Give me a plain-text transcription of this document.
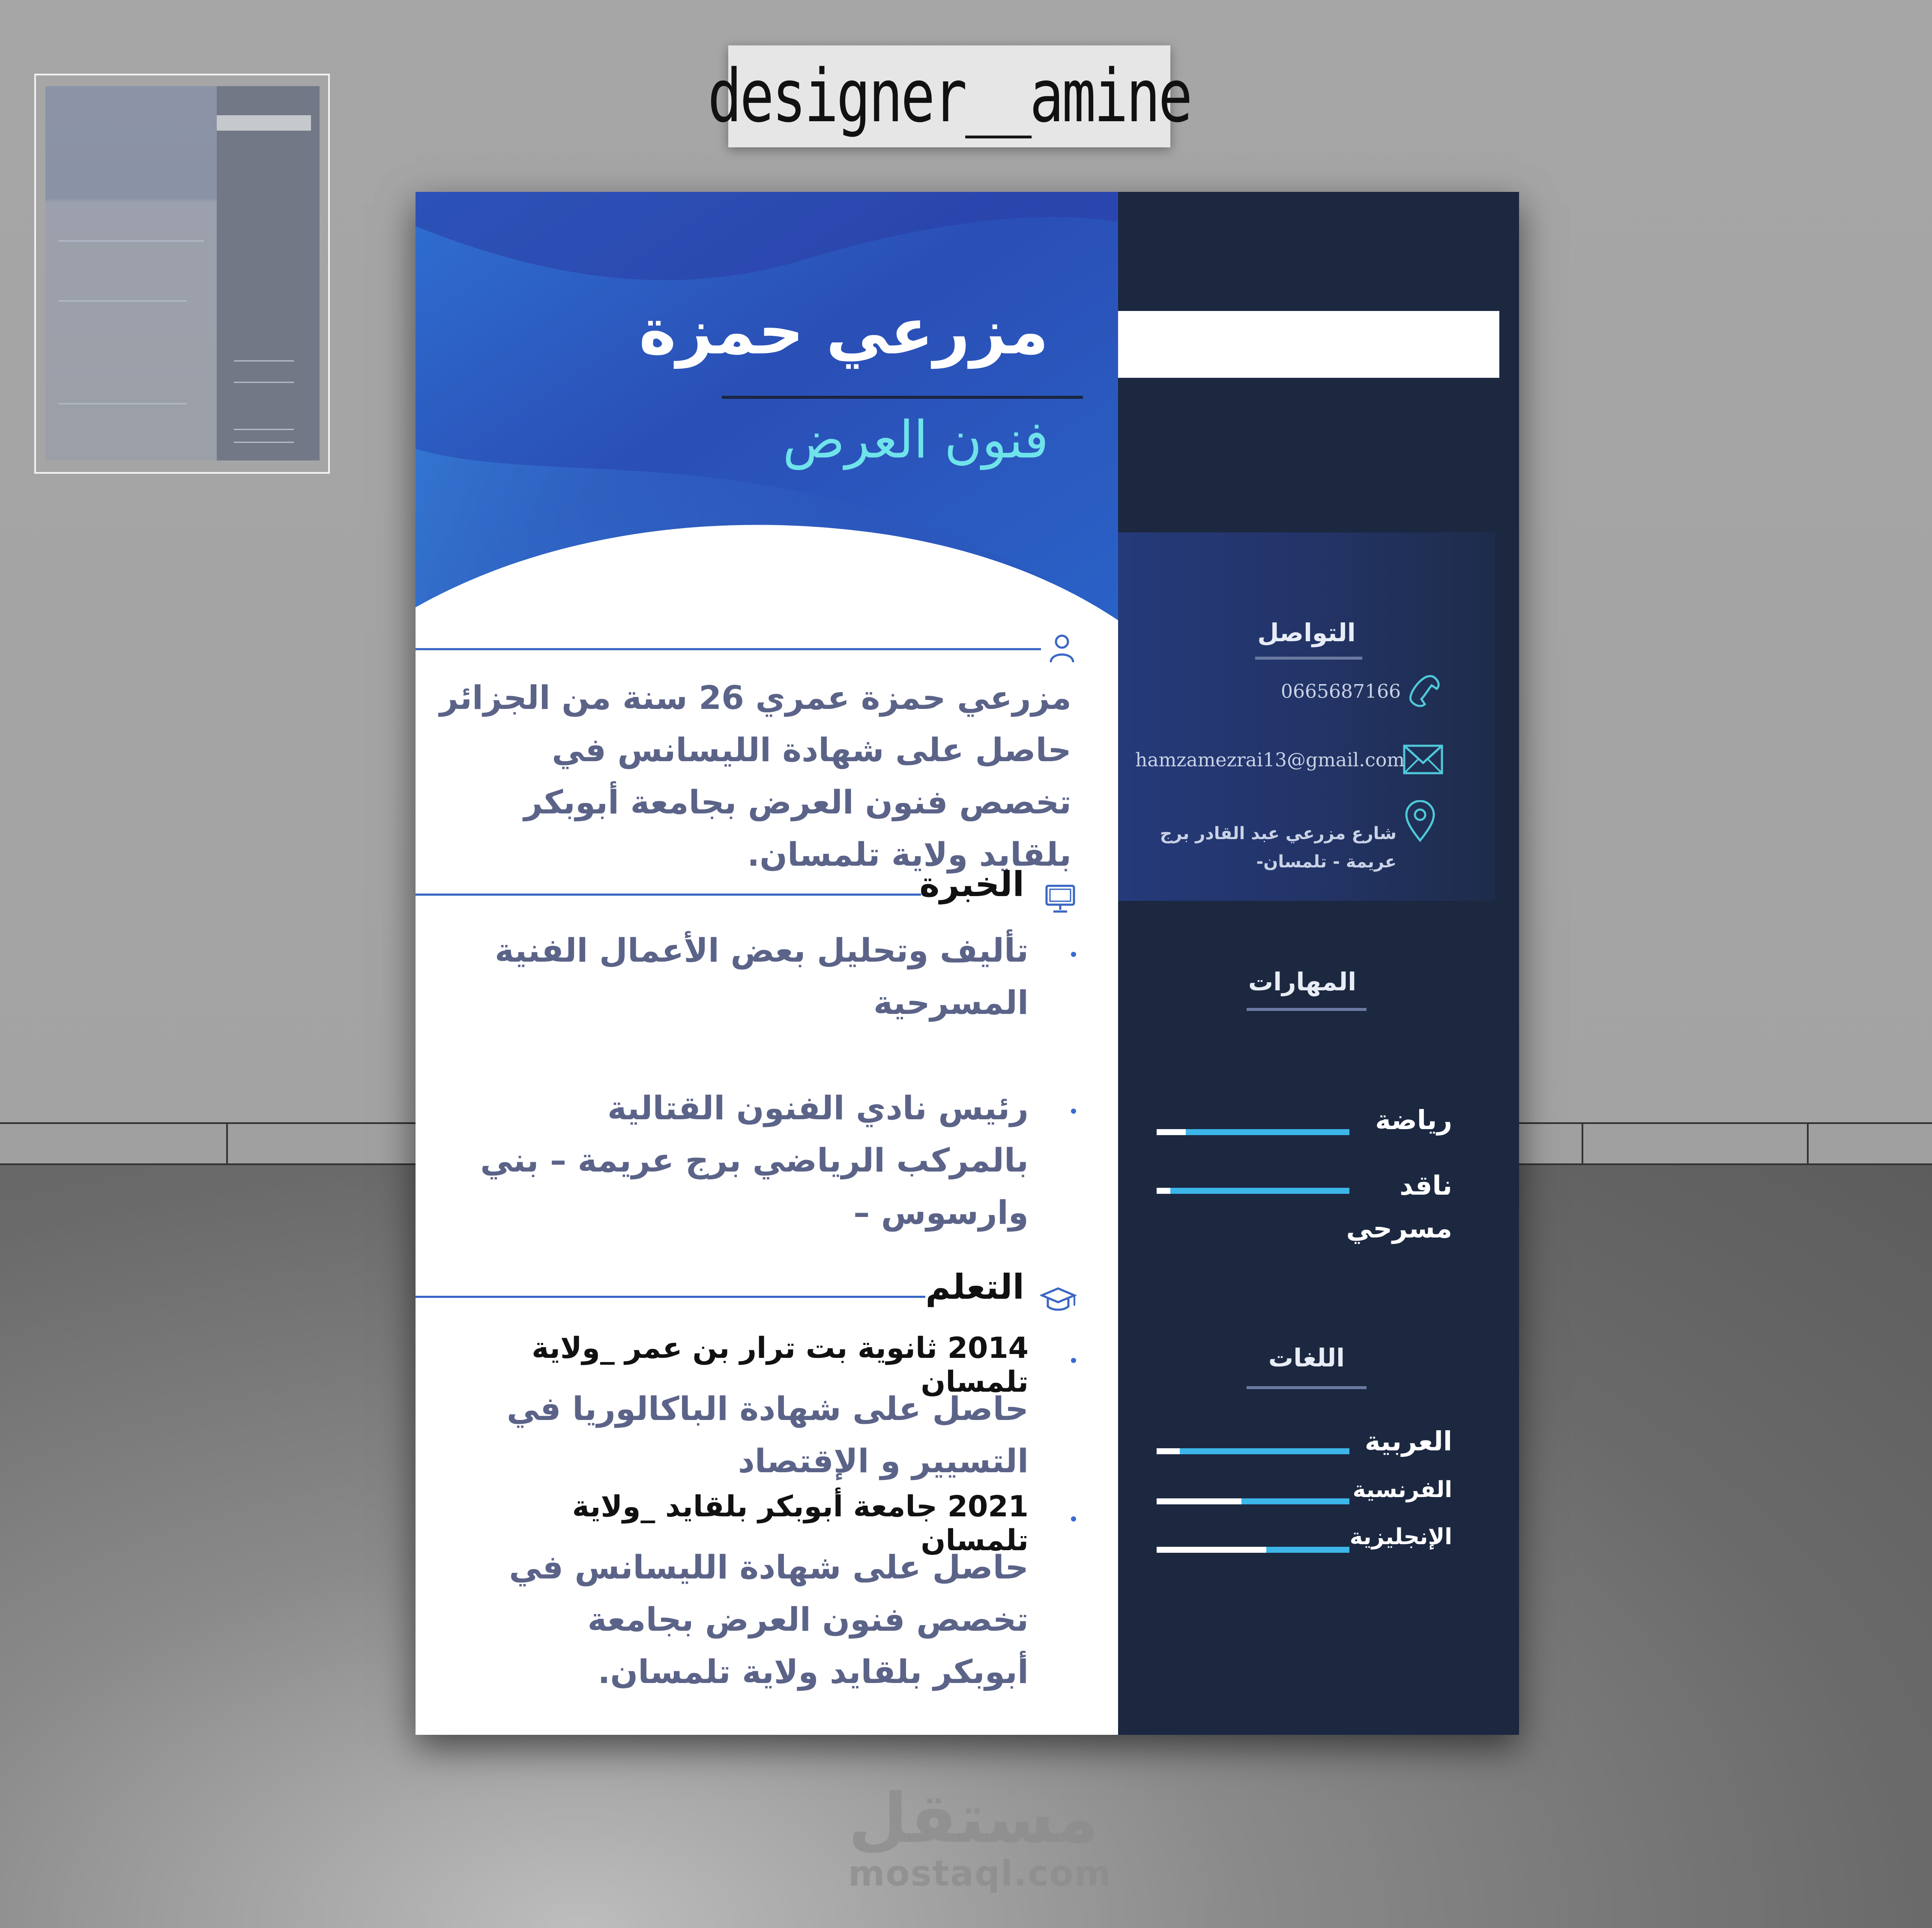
designer__amine
مزرعي حمزة
فنون العرض
مزرعي حمزة عمري 26 سنة من الجزائر حاصل على شهادة الليسانس في تخصص فنون العرض بجامعة أبوبكر بلقايد ولاية تلمسان.
الخبرة
تأليف وتحليل بعض الأعمال الفنية المسرحية
رئيس نادي الفنون القتالية بالمركب الرياضي برج عريمة – بني وارسوس –
التعلم
2014 ثانوية بت ترار بن عمر _ولاية تلمسان
حاصل على شهادة الباكالوريا في التسيير و الإقتصاد
2021 جامعة أبوبكر بلقايد _ولاية تلمسان
حاصل على شهادة الليسانس في تخصص فنون العرض بجامعة أبوبكر بلقايد ولاية تلمسان.
التواصل
0665687166
hamzamezrai13@gmail.com
شارع مزرعي عبد القادر برج عريمة - تلمسان-
المهارات
رياضة
ناقد مسرحي
اللغات
العربية
الفرنسية
الإنجليزية
مستقل
mostaql.com
